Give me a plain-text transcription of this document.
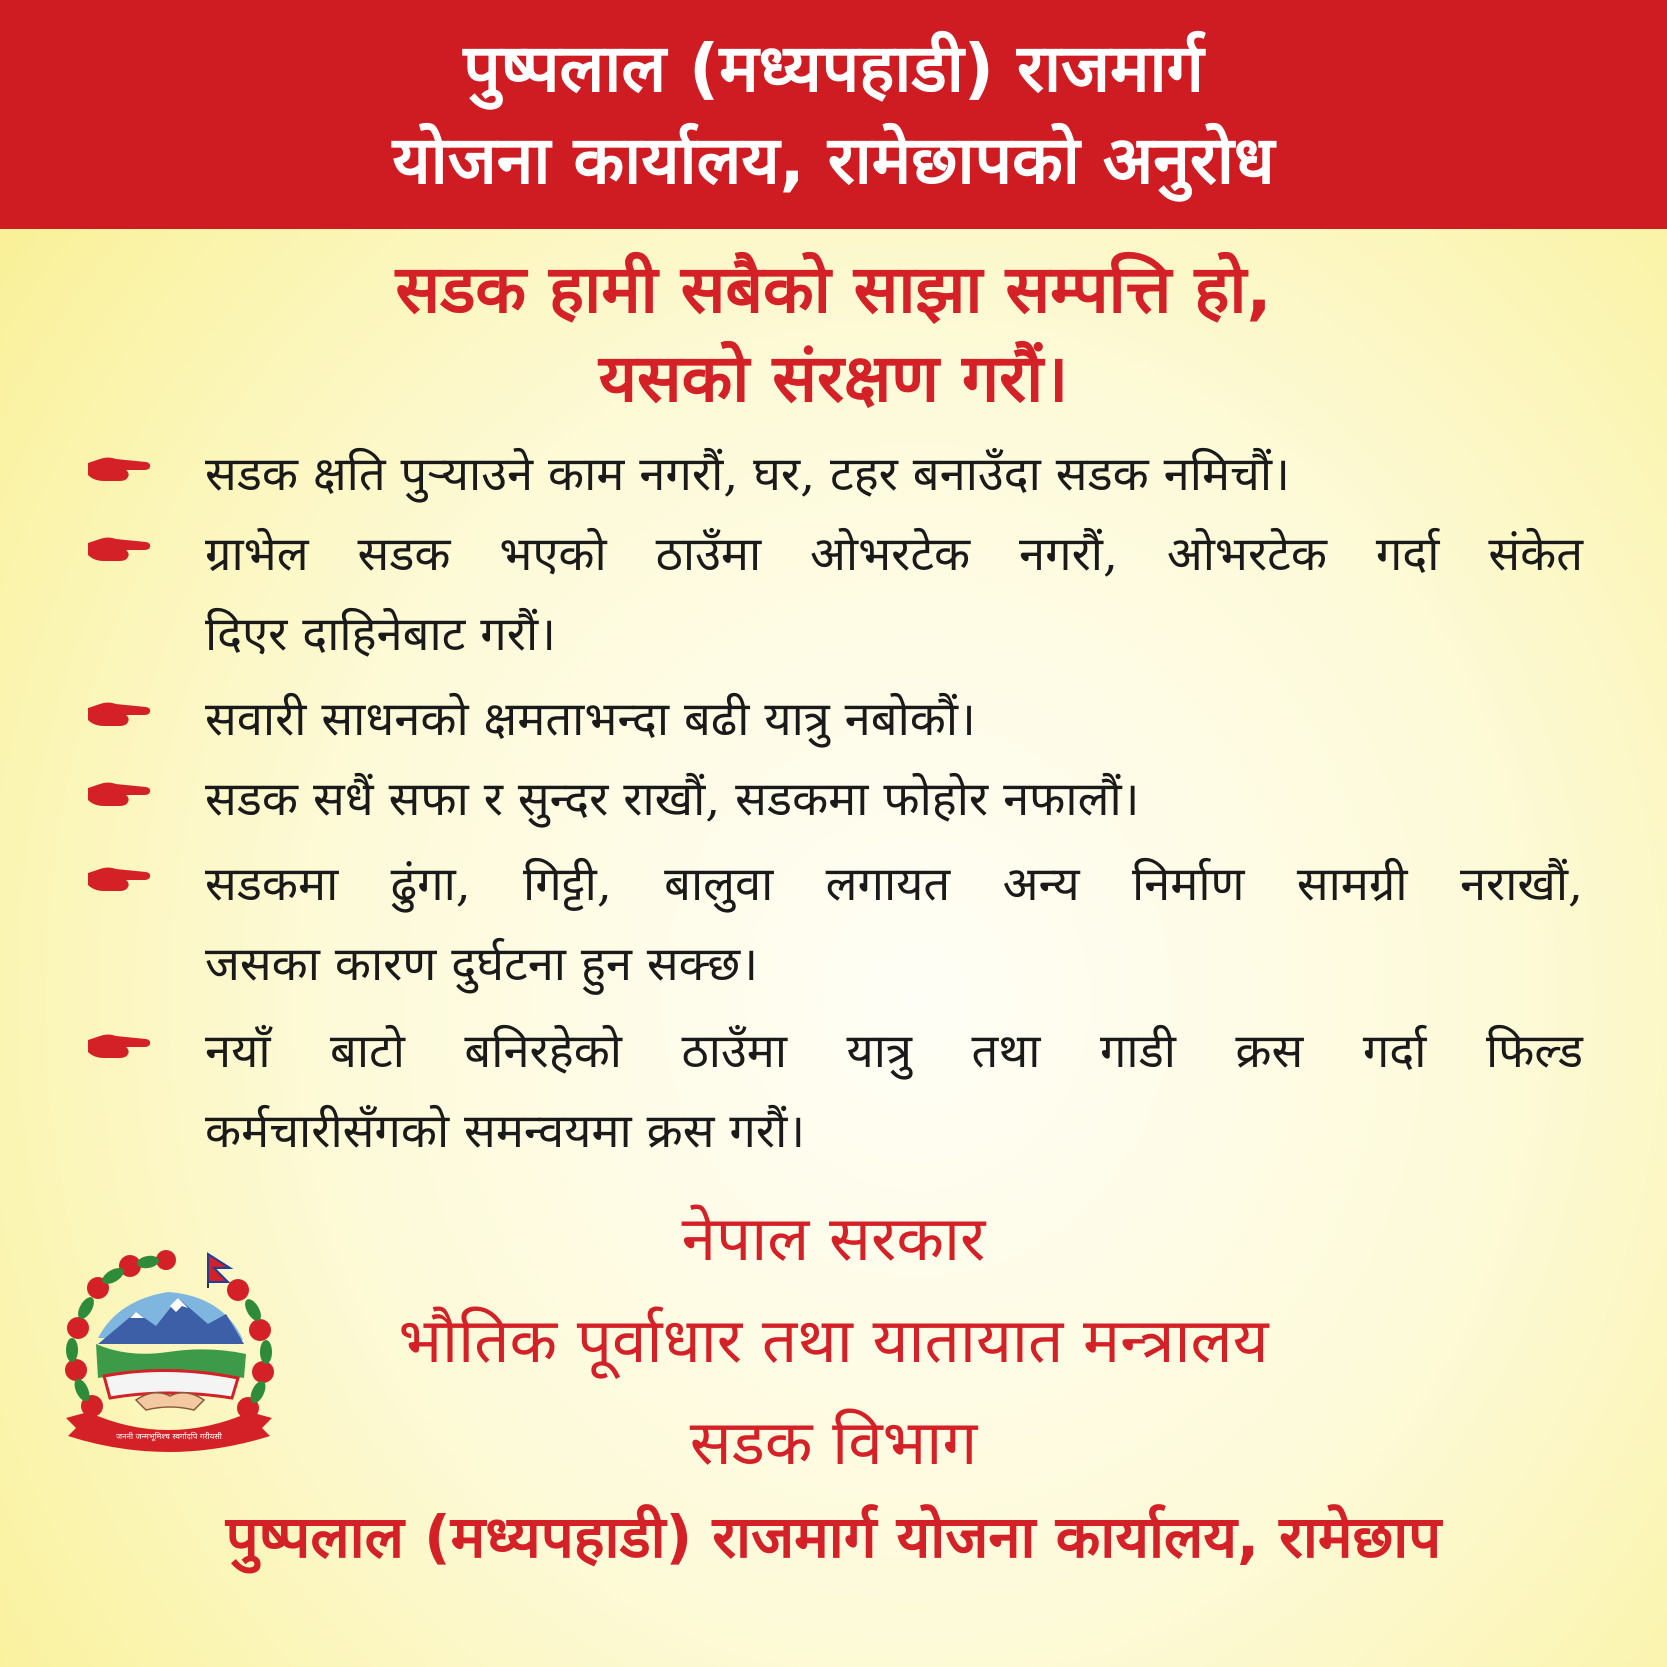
पुष्पलाल (मध्यपहाडी) राजमार्ग
योजना कार्यालय, रामेछापको अनुरोध
सडक हामी सबैको साझा सम्पत्ति हो,
यसको संरक्षण गरौं।
सडक क्षति पुऱ्याउने काम नगरौं, घर, टहर बनाउँदा सडक नमिचौं।
ग्राभेल सडक भएको ठाउँमा ओभरटेक नगरौं, ओभरटेक गर्दा संकेत
दिएर दाहिनेबाट गरौं।
सवारी साधनको क्षमताभन्दा बढी यात्रु नबोकौं।
सडक सधैं सफा र सुन्दर राखौं, सडकमा फोहोर नफालौं।
सडकमा ढुंगा, गिट्टी, बालुवा लगायत अन्य निर्माण सामग्री नराखौं,
जसका कारण दुर्घटना हुन सक्छ।
नयाँ बाटो बनिरहेको ठाउँमा यात्रु तथा गाडी क्रस गर्दा फिल्ड
कर्मचारीसँगको समन्वयमा क्रस गरौं।
जननी जन्मभूमिश्च स्वर्गादपि गरीयसी
नेपाल सरकार
भौतिक पूर्वाधार तथा यातायात मन्त्रालय
सडक विभाग
पुष्पलाल (मध्यपहाडी) राजमार्ग योजना कार्यालय, रामेछाप
